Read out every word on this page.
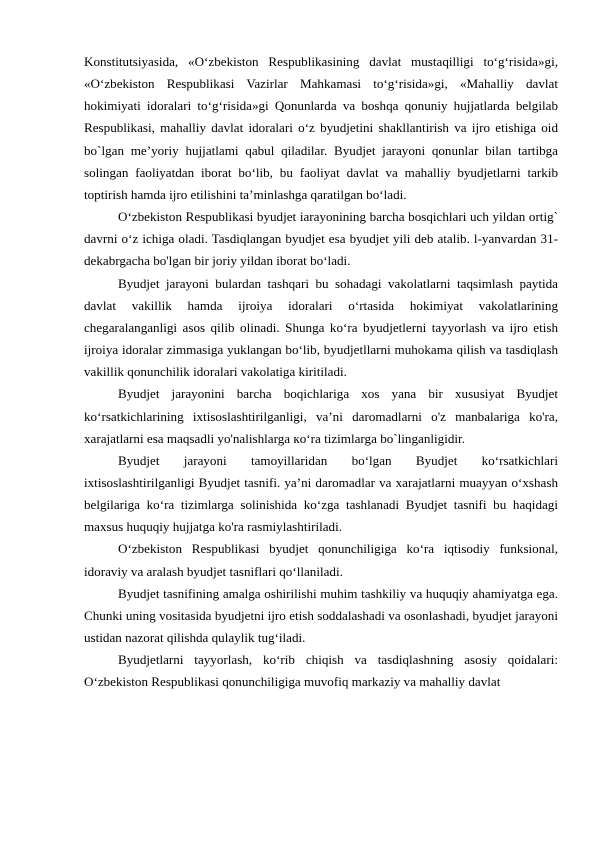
Konstitutsiyasida, «O‘zbekiston Respublikasining davlat mustaqilligi to‘g‘risida»gi, «O‘zbekiston Respublikasi Vazirlar Mahkamasi to‘g‘risida»gi, «Mahalliy davlat hokimiyati idoralari to‘g‘risida»gi Qonunlarda va boshqa qonuniy hujjatlarda belgilab Respublikasi, mahalliy davlat idoralari o‘z byudjetini shakllantirish va ijro etishiga oid bo`lgan me’yoriy hujjatlami qabul qiladilar. Byudjet jarayoni qonunlar bilan tartibga solingan faoliyatdan iborat bo‘lib, bu faoliyat davlat va mahalliy byudjetlarni tarkib toptirish hamda ijro etilishini ta’minlashga qaratilgan bo‘ladi.

O‘zbekiston Respublikasi byudjet iarayonining barcha bosqichlari uch yildan ortig` davrni o‘z ichiga oladi. Tasdiqlangan byudjet esa byudjet yili deb atalib. l-yanvardan 31-dekabrgacha bo'lgan bir joriy yildan iborat bo‘ladi.

Byudjet jarayoni bulardan tashqari bu sohadagi vakolatlarni taqsimlash paytida davlat vakillik hamda ijroiya idoralari o‘rtasida hokimiyat vakolatlarining chegaralanganligi asos qilib olinadi. Shunga ko‘ra byudjetlerni tayyorlash va ijro etish ijroiya idoralar zimmasiga yuklangan bo‘lib, byudjetllarni muhokama qilish va tasdiqlash vakillik qonunchilik idoralari vakolatiga kiritiladi.

Byudjet jarayonini barcha boqichlariga xos yana bir xususiyat Byudjet ko‘rsatkichlarining ixtisoslashtirilganligi, va’ni daromadlarni o'z manbalariga ko'ra, xarajatlarni esa maqsadli yo'nalishlarga кo‘ra tizimlarga bo`linganligidir.

Byudjet jarayoni tamoyillaridan bo‘lgan Byudjet ko‘rsatkichlari ixtisoslashtirilganligi Byudjet tasnifi. ya’ni daromadlar va xarajatlarni muayyan o‘xshash belgilariga ko‘ra tizimlarga solinishida ko‘zga tashlanadi Byudjet tasnifi bu haqidagi maxsus huquqiy hujjatga ko'ra rasmiylashtiriladi.

O‘zbekiston Respublikasi byudjet qonunchiligiga ko‘ra iqtisodiy funksional, idoraviy va aralash byudjet tasniflari qo‘llaniladi.

Byudjet tasnifining amalga oshirilishi muhim tashkiliy va huquqiy ahamiyatga ega. Chunki uning vositasida byudjetni ijro etish soddalashadi va osonlashadi, byudjet jarayoni ustidan nazorat qilishda qulaylik tug‘iladi.

Byudjetlarni tayyorlash, ko‘rib chiqish va tasdiqlashning asosiy qoidalari: O‘zbekiston Respublikasi qonunchiligiga muvofiq markaziy va mahalliy davlat
